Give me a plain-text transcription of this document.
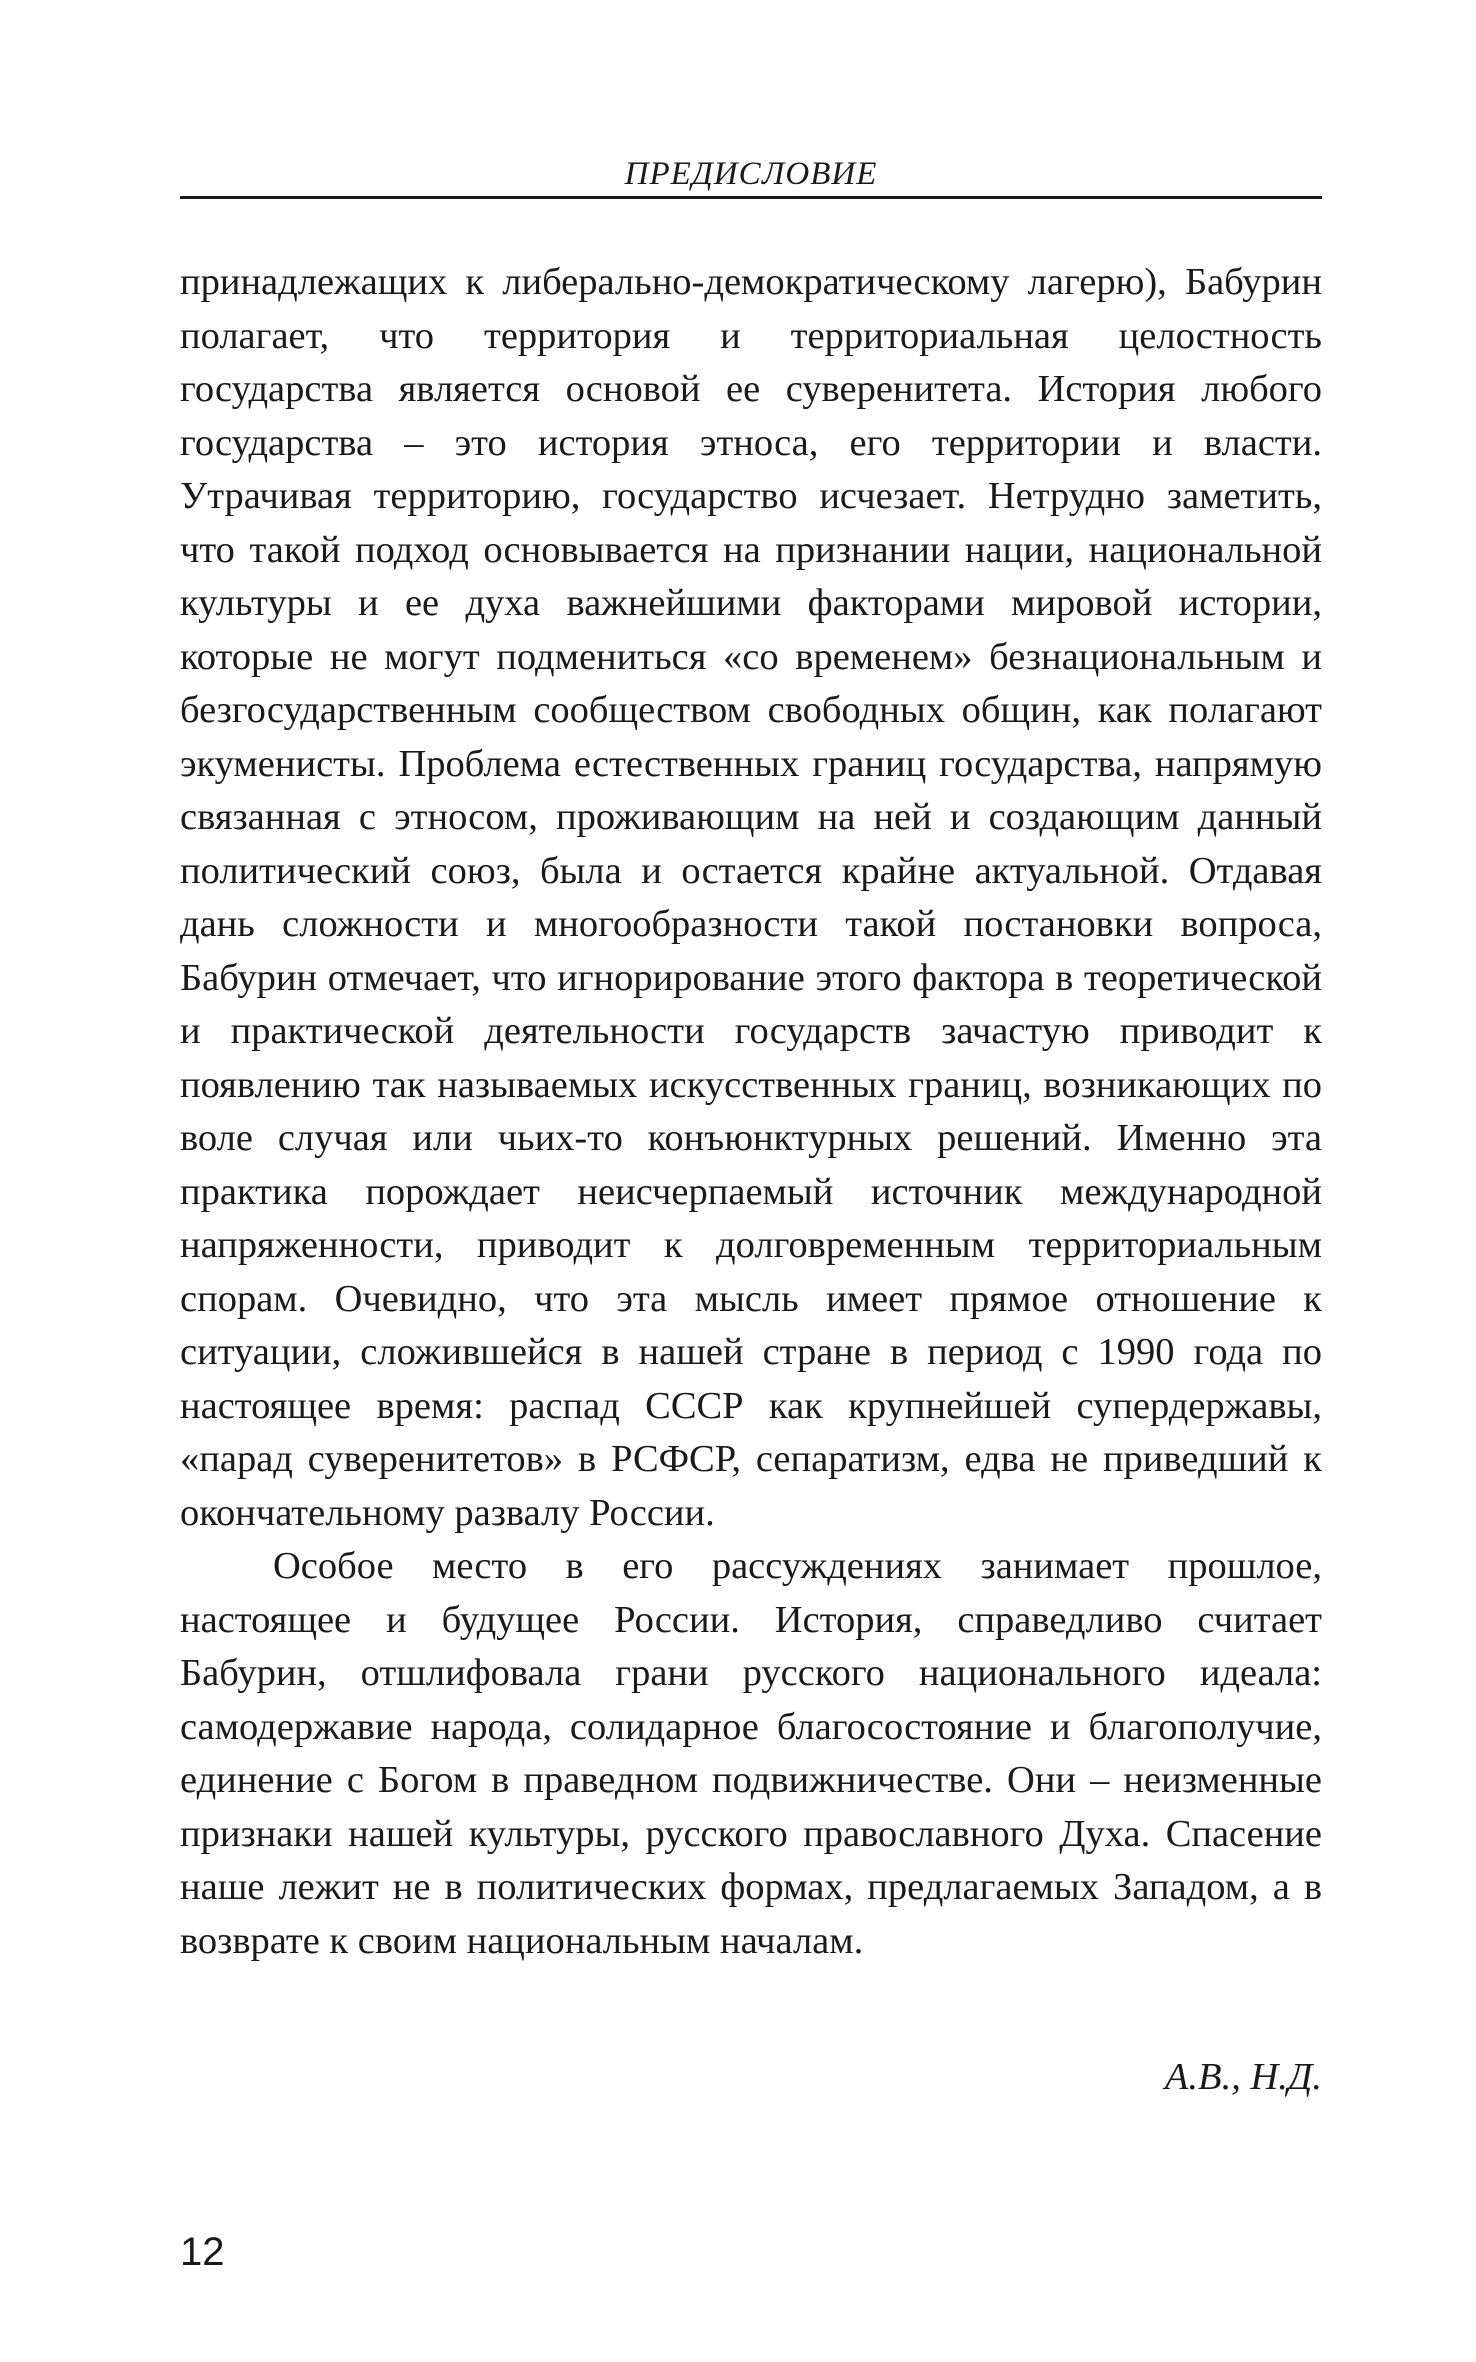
ПРЕДИСЛОВИЕ

принадлежащих к либерально-демократическому лагерю), Бабурин полагает, что территория и территориальная целостность государства является основой ее суверенитета. История любого государства – это история этноса, его территории и власти. Утрачивая территорию, государство исчезает. Нетрудно заметить, что такой подход основывается на признании нации, национальной культуры и ее духа важнейшими факторами мировой истории, которые не могут подмениться «со временем» безнациональным и безгосударственным сообществом свободных общин, как полагают экуменисты. Проблема естественных границ государства, напрямую связанная с этносом, проживающим на ней и создающим данный политический союз, была и остается крайне актуальной. Отдавая дань сложности и многообразности такой постановки вопроса, Бабурин отмечает, что игнорирование этого фактора в теоретической и практической деятельности государств зачастую приводит к появлению так называемых искусственных границ, возникающих по воле случая или чьих-то конъюнктурных решений. Именно эта практика порождает неисчерпаемый источник международной напряженности, приводит к долговременным территориальным спорам. Очевидно, что эта мысль имеет прямое отношение к ситуации, сложившейся в нашей стране в период с 1990 года по настоящее время: распад СССР как крупнейшей супердержавы, «парад суверенитетов» в РСФСР, сепаратизм, едва не приведший к окончательному развалу России.

Особое место в его рассуждениях занимает прошлое, настоящее и будущее России. История, справедливо считает Бабурин, отшлифовала грани русского национального идеала: самодержавие народа, солидарное благосостояние и благополучие, единение с Богом в праведном подвижничестве. Они – неизменные признаки нашей культуры, русского православного Духа. Спасение наше лежит не в политических формах, предлагаемых Западом, а в возврате к своим национальным началам.

А.В., Н.Д.
12
